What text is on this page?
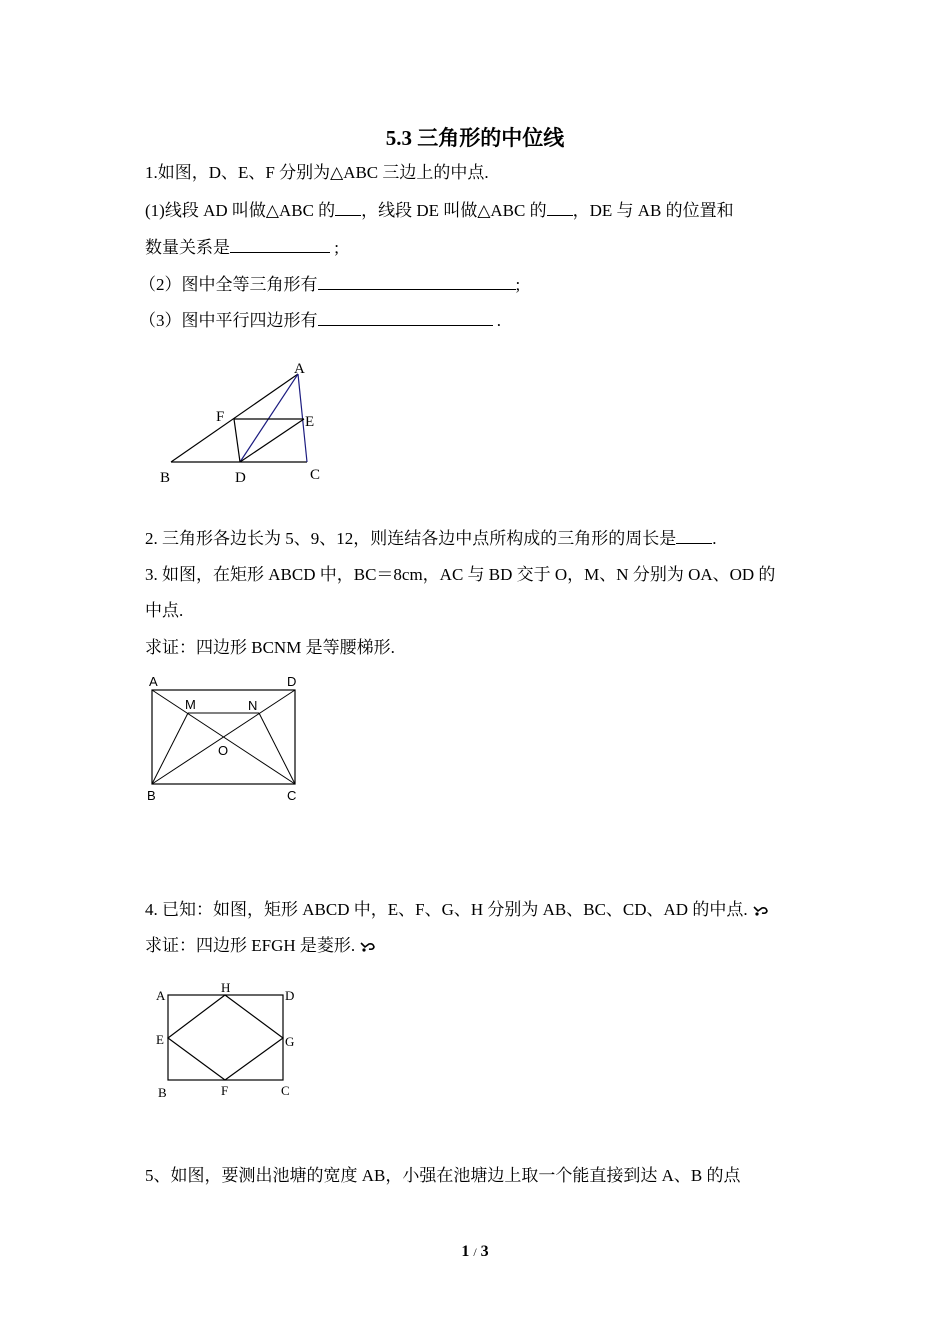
5.3 三角形的中位线
1.如图，D、E、F 分别为△ABC 三边上的中点.
(1)线段 AD 叫做△ABC 的 ，线段 DE 叫做△ABC 的 ，DE 与 AB 的位置和
数量关系是	;
（2）图中全等三角形有	;
（3）图中平行四边形有	.
A
F	E
B	D	C
2. 三角形各边长为 5、9、12，则连结各边中点所构成的三角形的周长是 .
3. 如图，在矩形 ABCD 中，BC＝8cm，AC 与 BD 交于 O，M、N 分别为 OA、OD 的
中点.
求证：四边形 BCNM 是等腰梯形.
A	D
M	N
O
B	C
4. 已知：如图，矩形 ABCD 中，E、F、G、H 分别为 AB、BC、CD、AD 的中点.
求证：四边形 EFGH 是菱形.
A
H
D
E	G
B	F	C
5、如图，要测出池塘的宽度 AB，小强在池塘边上取一个能直接到达 A、B 的点
1 / 3
